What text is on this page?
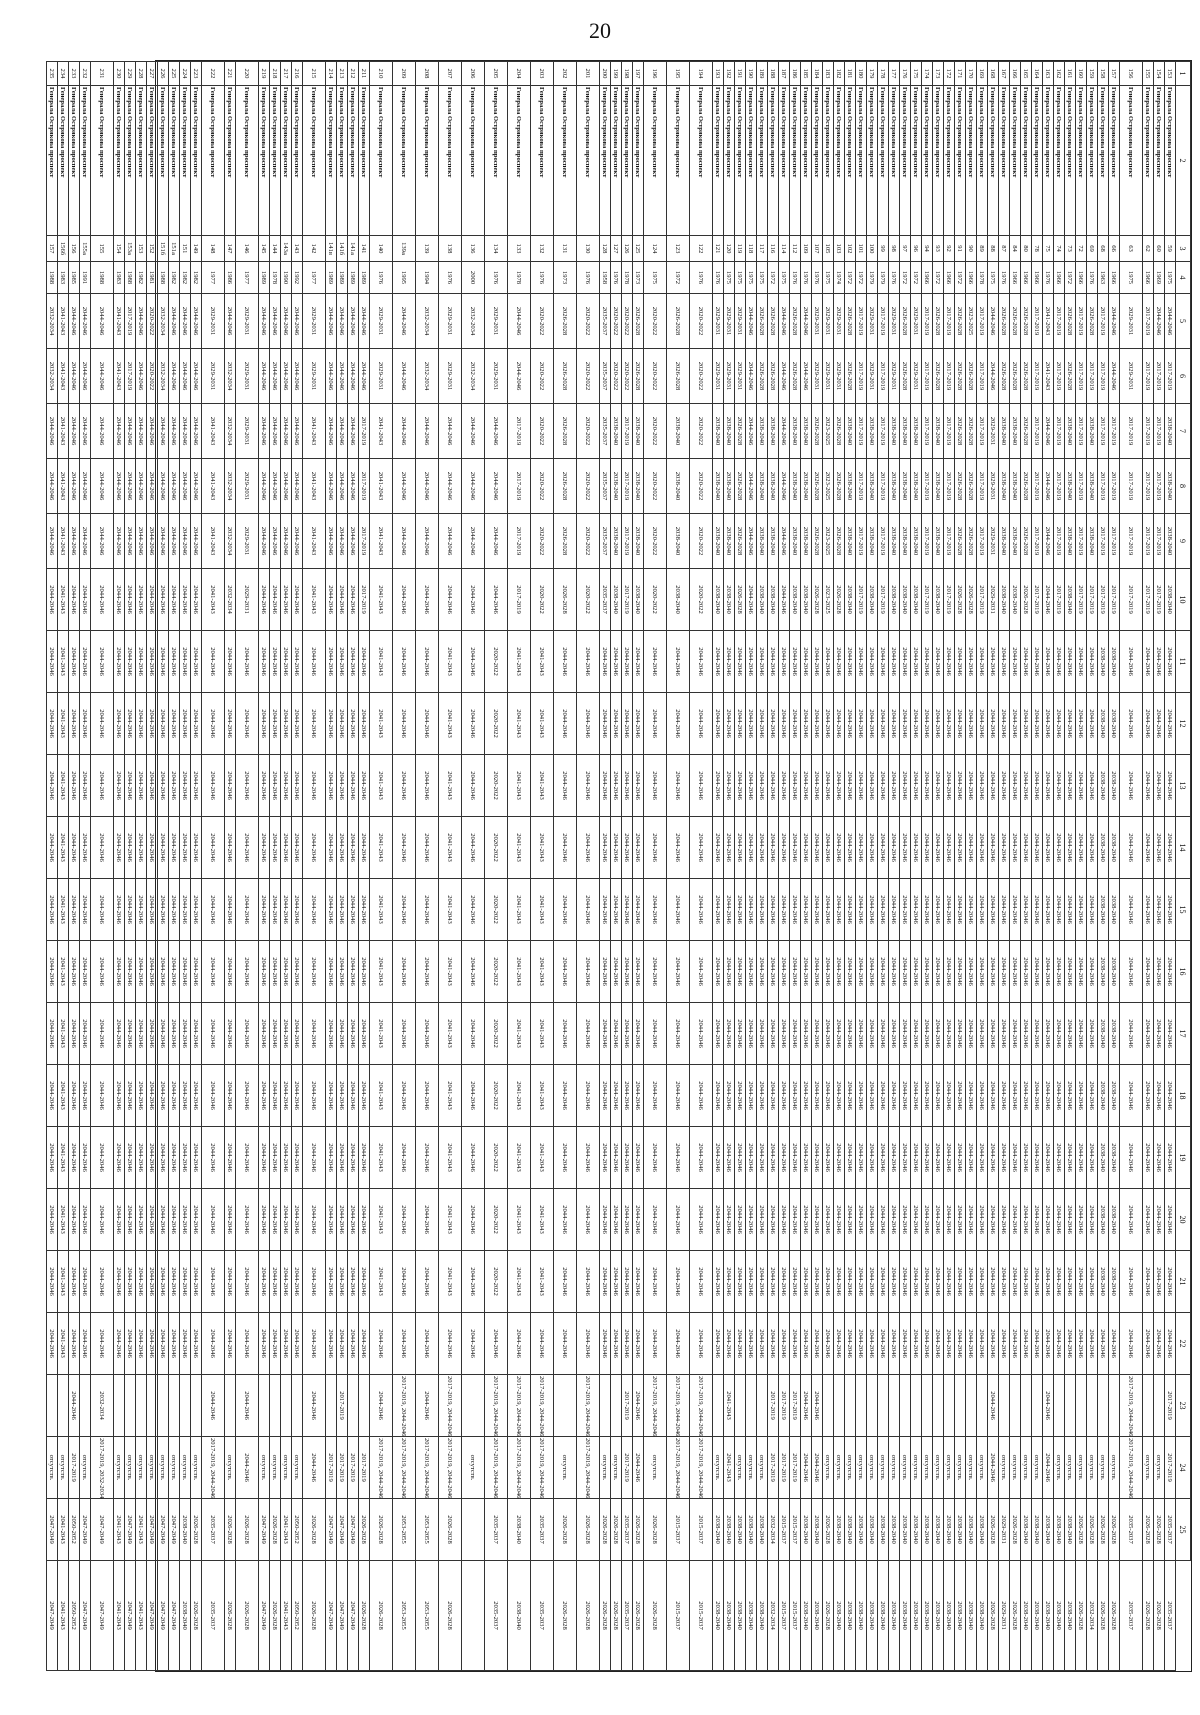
20
1	2	3	4	5	6	7	8	9	10	11	12	13	14	15	16	17	18	19	20	21	22	23	24	25	
153	Генерала Острякова проспект	59	1975	2044-2046	2017-2019	2038-2040	2038-2040	2038-2040	2038-2040	2044-2046	2044-2046	2044-2046	2044-2046	2044-2046	2044-2046	2044-2046	2044-2046	2044-2046	2044-2046	2044-2046	2044-2046	2017-2019	2017-2019	2035-2037	2035-2037
154	Генерала Острякова проспект	60	1969	2044-2046	2017-2019	2017-2019	2017-2019	2017-2019	2017-2019	2044-2046	2044-2046	2044-2046	2044-2046	2044-2046	2044-2046	2044-2046	2044-2046	2044-2046	2044-2046	2044-2046	2044-2046		отсутств.	2026-2028	2026-2028
155	Генерала Острякова проспект	62	1966	2017-2019	2017-2019	2017-2019	2017-2019	2017-2019	2017-2019	2044-2046	2044-2046	2044-2046	2044-2046	2044-2046	2044-2046	2044-2046	2044-2046	2044-2046	2044-2046	2044-2046	2044-2046		отсутств.	2026-2028	2026-2028
156	Генерала Острякова проспект	63	1975	2029-2031	2029-2031	2017-2019	2017-2019	2017-2019	2017-2019	2044-2046	2044-2046	2044-2046	2044-2046	2044-2046	2044-2046	2044-2046	2044-2046	2044-2046	2044-2046	2044-2046	2044-2046	2017-2019, 2044-2046	2017-2019, 2044-2046	2035-2037	2035-2037
157	Генерала Острякова проспект	66	1966	2044-2046	2044-2046	2017-2019	2017-2019	2017-2019	2017-2019	2038-2040	2038-2040	2038-2040	2038-2040	2038-2040	2038-2040	2038-2040	2038-2040	2038-2040	2038-2040	2038-2040	2044-2046		отсутств.	2026-2028	2026-2028
158	Генерала Острякова проспект	68	1963	2017-2019	2017-2019	2017-2019	2017-2019	2017-2019	2017-2019	2038-2040	2038-2040	2038-2040	2038-2040	2038-2040	2038-2040	2038-2040	2038-2040	2038-2040	2038-2040	2038-2040	2044-2046		отсутств.	2026-2028	2026-2028
159	Генерала Острякова проспект	69	1976	2026-2028	2017-2019	2038-2040	2038-2040	2038-2040	2017-2019	2044-2046	2044-2046	2044-2046	2044-2046	2044-2046	2044-2046	2044-2046	2044-2046	2044-2046	2044-2046	2044-2046	2044-2046		отсутств.	2026-2028	2032-2034
160	Генерала Острякова проспект	72	1966	2017-2019	2017-2019	2017-2019	2017-2019	2017-2019	2017-2019	2044-2046	2044-2046	2044-2046	2044-2046	2044-2046	2044-2046	2044-2046	2044-2046	2044-2046	2044-2046	2044-2046	2044-2046		отсутств.	2026-2028	2026-2028
161	Генерала Острякова проспект	73	1972	2026-2028	2026-2028	2038-2040	2038-2040	2038-2040	2038-2040	2044-2046	2044-2046	2044-2046	2044-2046	2044-2046	2044-2046	2044-2046	2044-2046	2044-2046	2044-2046	2044-2046	2044-2046		отсутств.	2038-2040	2038-2040
162	Генерала Острякова проспект	74	1966	2017-2019	2017-2019	2017-2019	2017-2019	2017-2019	2017-2019	2044-2046	2044-2046	2044-2046	2044-2046	2044-2046	2044-2046	2044-2046	2044-2046	2044-2046	2044-2046	2044-2046	2044-2046		отсутств.	2038-2040	2038-2040
163	Генерала Острякова проспект	75	1976	2041-2043	2041-2043	2044-2046	2044-2046	2044-2046	2044-2046	2044-2046	2044-2046	2044-2046	2044-2046	2044-2046	2044-2046	2044-2046	2044-2046	2044-2046	2044-2046	2044-2046	2044-2046	2044-2046	2044-2046	2038-2040	2038-2040
164	Генерала Острякова проспект	78	1966	2017-2019	2017-2019	2017-2019	2017-2019	2017-2019	2017-2019	2044-2046	2044-2046	2044-2046	2044-2046	2044-2046	2044-2046	2044-2046	2044-2046	2044-2046	2044-2046	2044-2046	2044-2046		отсутств.	2038-2040	2038-2040
165	Генерала Острякова проспект	80	1966	2026-2028	2026-2028	2026-2028	2026-2028	2026-2028	2026-2028	2044-2046	2044-2046	2044-2046	2044-2046	2044-2046	2044-2046	2044-2046	2044-2046	2044-2046	2044-2046	2044-2046	2044-2046		отсутств.	2038-2040	2038-2040
166	Генерала Острякова проспект	84	1966	2026-2028	2026-2028	2038-2040	2038-2040	2038-2040	2038-2040	2044-2046	2044-2046	2044-2046	2044-2046	2044-2046	2044-2046	2044-2046	2044-2046	2044-2046	2044-2046	2044-2046	2044-2046		отсутств.	2026-2028	2026-2028
167	Генерала Острякова проспект	87	1976	2026-2028	2026-2028	2038-2040	2038-2040	2038-2040	2038-2040	2044-2046	2044-2046	2044-2046	2044-2046	2044-2046	2044-2046	2044-2046	2044-2046	2044-2046	2044-2046	2044-2046	2044-2046		отсутств.	2029-2031	2029-2031
168	Генерала Острякова проспект	88	1975	2044-2046	2044-2046	2029-2031	2029-2031	2029-2031	2029-2031	2044-2046	2044-2046	2044-2046	2044-2046	2044-2046	2044-2046	2044-2046	2044-2046	2044-2046	2044-2046	2044-2046	2044-2046	2044-2046	2044-2046	2026-2028	2026-2028
169	Генерала Острякова проспект	89	1978	2017-2019	2017-2019	2017-2019	2017-2019	2017-2019	2017-2019	2044-2046	2044-2046	2044-2046	2044-2046	2044-2046	2044-2046	2044-2046	2044-2046	2044-2046	2044-2046	2044-2046	2044-2046		отсутств.	2038-2040	2038-2040
170	Генерала Острякова проспект	90	1966	2023-2025	2026-2028	2026-2028	2026-2028	2026-2028	2026-2028	2044-2046	2044-2046	2044-2046	2044-2046	2044-2046	2044-2046	2044-2046	2044-2046	2044-2046	2044-2046	2044-2046	2044-2046		отсутств.	2038-2040	2038-2040
171	Генерала Острякова проспект	91	1972	2026-2028	2026-2028	2026-2028	2026-2028	2026-2028	2026-2028	2044-2046	2044-2046	2044-2046	2044-2046	2044-2046	2044-2046	2044-2046	2044-2046	2044-2046	2044-2046	2044-2046	2044-2046		отсутств.	2038-2040	2038-2040
172	Генерала Острякова проспект	92	1966	2017-2019	2017-2019	2017-2019	2017-2019	2017-2019	2017-2019	2044-2046	2044-2046	2044-2046	2044-2046	2044-2046	2044-2046	2044-2046	2044-2046	2044-2046	2044-2046	2044-2046	2044-2046		отсутств.	2038-2040	2038-2040
173	Генерала Острякова проспект	93	1972	2026-2028	2026-2028	2038-2040	2038-2040	2038-2040	2038-2040	2044-2046	2044-2046	2044-2046	2044-2046	2044-2046	2044-2046	2044-2046	2044-2046	2044-2046	2044-2046	2044-2046	2044-2046		отсутств.	2038-2040	2038-2040
174	Генерала Острякова проспект	94	1966	2017-2019	2017-2019	2017-2019	2017-2019	2017-2019	2017-2019	2044-2046	2044-2046	2044-2046	2044-2046	2044-2046	2044-2046	2044-2046	2044-2046	2044-2046	2044-2046	2044-2046	2044-2046		отсутств.	2038-2040	2038-2040
175	Генерала Острякова проспект	96	1972	2029-2031	2029-2031	2038-2040	2038-2040	2038-2040	2038-2040	2044-2046	2044-2046	2044-2046	2044-2046	2044-2046	2044-2046	2044-2046	2044-2046	2044-2046	2044-2046	2044-2046	2044-2046		отсутств.	2038-2040	2038-2040
176	Генерала Острякова проспект	97	1972	2026-2028	2026-2028	2038-2040	2038-2040	2038-2040	2038-2040	2044-2046	2044-2046	2044-2046	2044-2046	2044-2046	2044-2046	2044-2046	2044-2046	2044-2046	2044-2046	2044-2046	2044-2046		отсутств.	2038-2040	2038-2040
177	Генерала Острякова проспект	98	1976	2029-2031	2029-2031	2038-2040	2038-2040	2038-2040	2038-2040	2044-2046	2044-2046	2044-2046	2044-2046	2044-2046	2044-2046	2044-2046	2044-2046	2044-2046	2044-2046	2044-2046	2044-2046		отсутств.	2038-2040	2038-2040
178	Генерала Острякова проспект	99	1979	2017-2019	2017-2019	2017-2019	2017-2019	2017-2019	2017-2019	2044-2046	2044-2046	2044-2046	2044-2046	2044-2046	2044-2046	2044-2046	2044-2046	2044-2046	2044-2046	2044-2046	2044-2046		отсутств.	2038-2040	2038-2040
179	Генерала Острякова проспект	100	1979	2029-2031	2029-2031	2038-2040	2038-2040	2038-2040	2038-2040	2044-2046	2044-2046	2044-2046	2044-2046	2044-2046	2044-2046	2044-2046	2044-2046	2044-2046	2044-2046	2044-2046	2044-2046		отсутств.	2038-2040	2038-2040
180	Генерала Острякова проспект	101	1972	2017-2019	2017-2019	2017-2019	2017-2019	2017-2019	2017-2019	2044-2046	2044-2046	2044-2046	2044-2046	2044-2046	2044-2046	2044-2046	2044-2046	2044-2046	2044-2046	2044-2046	2044-2046		отсутств.	2038-2040	2038-2040
181	Генерала Острякова проспект	102	1972	2026-2028	2026-2028	2038-2040	2038-2040	2038-2040	2038-2040	2044-2046	2044-2046	2044-2046	2044-2046	2044-2046	2044-2046	2044-2046	2044-2046	2044-2046	2044-2046	2044-2046	2044-2046		отсутств.	2038-2040	2038-2040
182	Генерала Острякова проспект	103	1974	2029-2031	2029-2031	2026-2028	2026-2028	2026-2028	2026-2028	2044-2046	2044-2046	2044-2046	2044-2046	2044-2046	2044-2046	2044-2046	2044-2046	2044-2046	2044-2046	2044-2046	2044-2046		отсутств.	2038-2040	2038-2040
183	Генерала Острякова проспект	105	1975	2029-2031	2029-2031	2023-2025	2023-2025	2023-2025	2023-2025	2044-2046	2044-2046	2044-2046	2044-2046	2044-2046	2044-2046	2044-2046	2044-2046	2044-2046	2044-2046	2044-2046	2044-2046		отсутств.	2026-2028	2026-2028
184	Генерала Острякова проспект	107	1976	2029-2031	2029-2031	2026-2028	2026-2028	2026-2028	2026-2028	2044-2046	2044-2046	2044-2046	2044-2046	2044-2046	2044-2046	2044-2046	2044-2046	2044-2046	2044-2046	2044-2046	2044-2046	2044-2046	2044-2046	2038-2040	2038-2040
185	Генерала Острякова проспект	109	1976	2044-2046	2044-2046	2038-2040	2038-2040	2038-2040	2038-2040	2044-2046	2044-2046	2044-2046	2044-2046	2044-2046	2044-2046	2044-2046	2044-2046	2044-2046	2044-2046	2044-2046	2044-2046	2044-2046	2044-2046	2038-2040	2038-2040
186	Генерала Острякова проспект	112	1976	2026-2028	2026-2028	2038-2040	2038-2040	2038-2040	2038-2040	2044-2046	2044-2046	2044-2046	2044-2046	2044-2046	2044-2046	2044-2046	2044-2046	2044-2046	2044-2046	2044-2046	2044-2046	2017-2019	2017-2019	2015-2037	2015-2037
187	Генерала Острякова проспект	114	1975	2044-2046	2044-2046	2044-2046	2044-2046	2044-2046	2044-2046	2044-2046	2044-2046	2044-2046	2044-2046	2044-2046	2044-2046	2044-2046	2044-2046	2044-2046	2044-2046	2044-2046	2044-2046	2017-2019	2017-2019	2015-2037	2015-2037
188	Генерала Острякова проспект	116	1972	2026-2028	2026-2028	2038-2040	2038-2040	2038-2040	2038-2040	2044-2046	2044-2046	2044-2046	2044-2046	2044-2046	2044-2046	2044-2046	2044-2046	2044-2046	2044-2046	2044-2046	2044-2046	2017-2019	2017-2019	2032-2034	2032-2034
189	Генерала Острякова проспект	117	1975	2026-2028	2026-2028	2038-2040	2038-2040	2038-2040	2038-2040	2044-2046	2044-2046	2044-2046	2044-2046	2044-2046	2044-2046	2044-2046	2044-2046	2044-2046	2044-2046	2044-2046	2044-2046		отсутств.	2038-2040	2038-2040
190	Генерала Острякова проспект	118	1975	2044-2046	2044-2046	2044-2046	2044-2046	2044-2046	2044-2046	2044-2046	2044-2046	2044-2046	2044-2046	2044-2046	2044-2046	2044-2046	2044-2046	2044-2046	2044-2046	2044-2046	2044-2046		отсутств.	2038-2040	2038-2040
191	Генерала Острякова проспект	119	1975	2029-2031	2029-2031	2026-2028	2026-2028	2026-2028	2026-2028	2044-2046	2044-2046	2044-2046	2044-2046	2044-2046	2044-2046	2044-2046	2044-2046	2044-2046	2044-2046	2044-2046	2044-2046		отсутств.	2038-2040	2038-2040
192	Генерала Острякова проспект	120	1975	2029-2031	2029-2031	2038-2040	2038-2040	2038-2040	2038-2040	2044-2046	2044-2046	2044-2046	2044-2046	2044-2046	2044-2046	2044-2046	2044-2046	2044-2046	2044-2046	2044-2046	2044-2046	2041-2043	2041-2043	2038-2040	2038-2040
193	Генерала Острякова проспект	121	1976	2029-2031	2029-2031	2038-2040	2038-2040	2038-2040	2038-2040	2044-2046	2044-2046	2044-2046	2044-2046	2044-2046	2044-2046	2044-2046	2044-2046	2044-2046	2044-2046	2044-2046	2044-2046		отсутств.	2038-2040	2038-2040
194	Генерала Острякова проспект	122	1976	2020-2022	2020-2022	2020-2022	2020-2022	2020-2022	2020-2022	2044-2046	2044-2046	2044-2046	2044-2046	2044-2046	2044-2046	2044-2046	2044-2046	2044-2046	2044-2046	2044-2046	2044-2046	2017-2019, 2044-2046	2017-2019, 2044-2046	2015-2037	2015-2037
195	Генерала Острякова проспект	123	1972	2026-2028	2026-2028	2038-2040	2038-2040	2038-2040	2038-2040	2044-2046	2044-2046	2044-2046	2044-2046	2044-2046	2044-2046	2044-2046	2044-2046	2044-2046	2044-2046	2044-2046	2044-2046	2017-2019, 2044-2046	2017-2019, 2044-2046	2015-2037	2015-2037
196	Генерала Острякова проспект	124	1975	2020-2022	2020-2022	2020-2022	2020-2022	2020-2022	2020-2022	2044-2046	2044-2046	2044-2046	2044-2046	2044-2046	2044-2046	2044-2046	2044-2046	2044-2046	2044-2046	2044-2046	2044-2046	2017-2019, 2044-2046	отсутств.	2026-2028	2026-2028
197	Генерала Острякова проспект	125	1973	2026-2028	2026-2028	2038-2040	2038-2040	2038-2040	2038-2040	2044-2046	2044-2046	2044-2046	2044-2046	2044-2046	2044-2046	2044-2046	2044-2046	2044-2046	2044-2046	2044-2046	2044-2046	2044-2046	2044-2046	2026-2028	2026-2028
198	Генерала Острякова проспект	126	1978	2020-2022	2020-2022	2017-2019	2017-2019	2017-2019	2017-2019	2044-2046	2044-2046	2044-2046	2044-2046	2044-2046	2044-2046	2044-2046	2044-2046	2044-2046	2044-2046	2044-2046	2044-2046	2017-2019	2017-2019	2035-2037	2035-2037
199	Генерала Острякова проспект	127	1976	2020-2022	2020-2022	2038-2040	2038-2040	2038-2040	2038-2040	2044-2046	2044-2046	2044-2046	2044-2046	2044-2046	2044-2046	2044-2046	2044-2046	2044-2046	2044-2046	2044-2046	2044-2046		отсутств.	2026-2028	2026-2028
200	Генерала Острякова проспект	128	1958	2035-2037	2035-2037	2035-2037	2035-2037	2035-2037	2035-2037	2044-2046	2044-2046	2044-2046	2044-2046	2044-2046	2044-2046	2044-2046	2044-2046	2044-2046	2044-2046	2044-2046	2044-2046		отсутств.	2026-2028	2026-2028
201	Генерала Острякова проспект	130	1976	2020-2022	2020-2022	2020-2022	2020-2022	2020-2022	2020-2022	2044-2046	2044-2046	2044-2046	2044-2046	2044-2046	2044-2046	2044-2046	2044-2046	2044-2046	2044-2046	2044-2046	2044-2046	2017-2019, 2044-2046	2017-2019, 2044-2046	2026-2028	2026-2028
202	Генерала Острякова проспект	131	1973	2026-2028	2026-2028	2026-2028	2026-2028	2026-2028	2026-2028	2044-2046	2044-2046	2044-2046	2044-2046	2044-2046	2044-2046	2044-2046	2044-2046	2044-2046	2044-2046	2044-2046	2044-2046		отсутств.	2026-2028	2026-2028
203	Генерала Острякова проспект	132	1976	2020-2022	2020-2022	2020-2022	2020-2022	2020-2022	2020-2022	2041-2043	2041-2043	2041-2043	2041-2043	2041-2043	2041-2043	2041-2043	2041-2043	2041-2043	2041-2043	2041-2043	2044-2046	2017-2019, 2044-2046	2017-2019, 2044-2046	2035-2037	2035-2037
204	Генерала Острякова проспект	133	1978	2044-2046	2044-2046	2017-2019	2017-2019	2017-2019	2017-2019	2041-2043	2041-2043	2041-2043	2041-2043	2041-2043	2041-2043	2041-2043	2041-2043	2041-2043	2041-2043	2041-2043	2044-2046	2017-2019, 2044-2046	2017-2019, 2044-2046	2038-2040	2038-2040
205	Генерала Острякова проспект	134	1976	2029-2031	2029-2031	2044-2046	2044-2046	2044-2046	2044-2046	2020-2022	2020-2022	2020-2022	2020-2022	2020-2022	2020-2022	2020-2022	2020-2022	2020-2022	2020-2022	2020-2022	2044-2046	2017-2019, 2044-2046	2017-2019, 2044-2046	2035-2037	2035-2037
206	Генерала Острякова проспект	136	2000	2032-2034	2032-2034	2044-2046	2044-2046	2044-2046	2044-2046	2044-2046	2044-2046	2044-2046	2044-2046	2044-2046	2044-2046	2044-2046	2044-2046	2044-2046	2044-2046	2044-2046	2044-2046		отсутств.		
207	Генерала Острякова проспект	138	1976	2029-2031	2029-2031	2044-2046	2044-2046	2044-2046	2044-2046	2041-2043	2041-2043	2041-2043	2041-2043	2041-2043	2041-2043	2041-2043	2041-2043	2041-2043	2041-2043	2041-2043	2044-2046	2017-2019, 2044-2046	2017-2019, 2044-2046	2026-2028	2026-2028
208	Генерала Острякова проспект	139	1994	2032-2034	2032-2034	2044-2046	2044-2046	2044-2046	2044-2046	2044-2046	2044-2046	2044-2046	2044-2046	2044-2046	2044-2046	2044-2046	2044-2046	2044-2046	2044-2046	2044-2046	2044-2046	2044-2046	2017-2019, 2044-2046	2053-2055	2053-2055
209	Генерала Острякова проспект	139а	1995	2044-2046	2044-2046	2044-2046	2044-2046	2044-2046	2044-2046	2044-2046	2044-2046	2044-2046	2044-2046	2044-2046	2044-2046	2044-2046	2044-2046	2044-2046	2044-2046	2044-2046	2044-2046	2017-2019, 2044-2046	2017-2019, 2044-2046	2053-2055	2053-2055
210	Генерала Острякова проспект	140	1976	2029-2031	2029-2031	2041-2043	2041-2043	2041-2043	2041-2043	2041-2043	2041-2043	2041-2043	2041-2043	2041-2043	2041-2043	2041-2043	2041-2043	2041-2043	2041-2043	2041-2043	2044-2046	2044-2046	2017-2019, 2044-2046	2026-2028	2026-2028
211	Генерала Острякова проспект	141	1989	2044-2046	2044-2046	2017-2019	2017-2019	2017-2019	2017-2019	2044-2046	2044-2046	2044-2046	2044-2046	2044-2046	2044-2046	2044-2046	2044-2046	2044-2046	2044-2046	2044-2046	2044-2046		2017-2019	2026-2028	2026-2028
212	Генерала Острякова проспект	141а	1989	2044-2046	2044-2046	2044-2046	2044-2046	2044-2046	2044-2046	2044-2046	2044-2046	2044-2046	2044-2046	2044-2046	2044-2046	2044-2046	2044-2046	2044-2046	2044-2046	2044-2046	2044-2046		2017-2019	2047-2049	2047-2049
213	Генерала Острякова проспект	141б	1989	2044-2046	2044-2046	2044-2046	2044-2046	2044-2046	2044-2046	2044-2046	2044-2046	2044-2046	2044-2046	2044-2046	2044-2046	2044-2046	2044-2046	2044-2046	2044-2046	2044-2046	2044-2046	2017-2019	2017-2019	2047-2049	2047-2049
214	Генерала Острякова проспект	141в	1989	2044-2046	2044-2046	2044-2046	2044-2046	2044-2046	2044-2046	2044-2046	2044-2046	2044-2046	2044-2046	2044-2046	2044-2046	2044-2046	2044-2046	2044-2046	2044-2046	2044-2046	2044-2046		2017-2019	2047-2049	2047-2049
215	Генерала Острякова проспект	142	1977	2029-2031	2029-2031	2041-2043	2041-2043	2041-2043	2041-2043	2044-2046	2044-2046	2044-2046	2044-2046	2044-2046	2044-2046	2044-2046	2044-2046	2044-2046	2044-2046	2044-2046	2044-2046	2044-2046	2044-2046	2026-2028	2026-2028
216	Генерала Острякова проспект	143	1992	2044-2046	2044-2046	2044-2046	2044-2046	2044-2046	2044-2046	2044-2046	2044-2046	2044-2046	2044-2046	2044-2046	2044-2046	2044-2046	2044-2046	2044-2046	2044-2046	2044-2046	2044-2046		отсутств.	2050-2052	2050-2052
217	Генерала Острякова проспект	143а	1990	2044-2046	2044-2046	2044-2046	2044-2046	2044-2046	2044-2046	2044-2046	2044-2046	2044-2046	2044-2046	2044-2046	2044-2046	2044-2046	2044-2046	2044-2046	2044-2046	2044-2046	2044-2046		отсутств.	2041-2043	2041-2043
218	Генерала Острякова проспект	144	1978	2044-2046	2044-2046	2044-2046	2044-2046	2044-2046	2044-2046	2044-2046	2044-2046	2044-2046	2044-2046	2044-2046	2044-2046	2044-2046	2044-2046	2044-2046	2044-2046	2044-2046	2044-2046		отсутств.	2026-2028	2026-2028
219	Генерала Острякова проспект	145	1989	2044-2046	2044-2046	2044-2046	2044-2046	2044-2046	2044-2046	2044-2046	2044-2046	2044-2046	2044-2046	2044-2046	2044-2046	2044-2046	2044-2046	2044-2046	2044-2046	2044-2046	2044-2046		отсутств.	2047-2049	2047-2049
220	Генерала Острякова проспект	146	1977	2029-2031	2029-2031	2029-2031	2029-2031	2029-2031	2029-2031	2044-2046	2044-2046	2044-2046	2044-2046	2044-2046	2044-2046	2044-2046	2044-2046	2044-2046	2044-2046	2044-2046	2044-2046	2044-2046	2044-2046	2026-2028	2026-2028
221	Генерала Острякова проспект	147	1986	2044-2046	2032-2034	2032-2034	2032-2034	2032-2034	2032-2034	2044-2046	2044-2046	2044-2046	2044-2046	2044-2046	2044-2046	2044-2046	2044-2046	2044-2046	2044-2046	2044-2046	2044-2046		отсутств.	2026-2028	2026-2028
222	Генерала Острякова проспект	148	1977	2029-2031	2029-2031	2041-2043	2041-2043	2041-2043	2041-2043	2044-2046	2044-2046	2044-2046	2044-2046	2044-2046	2044-2046	2044-2046	2044-2046	2044-2046	2044-2046	2044-2046	2044-2046	2044-2046	2017-2019, 2044-2046	2035-2037	2035-2037
223	Генерала Острякова проспект	149	1982	2044-2046	2044-2046	2044-2046	2044-2046	2044-2046	2044-2046	2044-2046	2044-2046	2044-2046	2044-2046	2044-2046	2044-2046	2044-2046	2044-2046	2044-2046	2044-2046	2044-2046	2044-2046		отсутств.	2026-2028	2026-2028
224	Генерала Острякова проспект	151	1982	2044-2046	2044-2046	2044-2046	2044-2046	2044-2046	2044-2046	2044-2046	2044-2046	2044-2046	2044-2046	2044-2046	2044-2046	2044-2046	2044-2046	2044-2046	2044-2046	2044-2046	2044-2046		отсутств.	2038-2040	2038-2040
225	Генерала Острякова проспект	151а	1982	2044-2046	2044-2046	2044-2046	2044-2046	2044-2046	2044-2046	2044-2046	2044-2046	2044-2046	2044-2046	2044-2046	2044-2046	2044-2046	2044-2046	2044-2046	2044-2046	2044-2046	2044-2046		отсутств.	2047-2049	2047-2049
226	Генерала Острякова проспект	151б	1988	2032-2034	2032-2034	2044-2046	2044-2046	2044-2046	2044-2046	2044-2046	2044-2046	2044-2046	2044-2046	2044-2046	2044-2046	2044-2046	2044-2046	2044-2046	2044-2046	2044-2046	2044-2046		отсутств.	2047-2049	2047-2049
227	Генерала Острякова проспект	152	1981	2020-2022	2020-2022	2044-2046	2044-2046	2044-2046	2044-2046	2044-2046	2044-2046	2044-2046	2044-2046	2044-2046	2044-2046	2044-2046	2044-2046	2044-2046	2044-2046	2044-2046	2044-2046		отсутств.	2047-2049	2047-2049
228	Генерала Острякова проспект	153	1982	2044-2046	2044-2046	2044-2046	2044-2046	2044-2046	2044-2046	2044-2046	2044-2046	2044-2046	2044-2046	2044-2046	2044-2046	2044-2046	2044-2046	2044-2046	2044-2046	2044-2046	2044-2046		отсутств.	2041-2043	2041-2043
229	Генерала Острякова проспект	153а	1988	2017-2019	2017-2019	2044-2046	2044-2046	2044-2046	2044-2046	2044-2046	2044-2046	2044-2046	2044-2046	2044-2046	2044-2046	2044-2046	2044-2046	2044-2046	2044-2046	2044-2046	2044-2046		отсутств.	2047-2049	2047-2049
230	Генерала Острякова проспект	154	1983	2041-2043	2041-2043	2044-2046	2044-2046	2044-2046	2044-2046	2044-2046	2044-2046	2044-2046	2044-2046	2044-2046	2044-2046	2044-2046	2044-2046	2044-2046	2044-2046	2044-2046	2044-2046		отсутств.	2041-2043	2041-2043
231	Генерала Острякова проспект	155	1988	2044-2046	2044-2046	2044-2046	2044-2046	2044-2046	2044-2046	2044-2046	2044-2046	2044-2046	2044-2046	2044-2046	2044-2046	2044-2046	2044-2046	2044-2046	2044-2046	2044-2046	2044-2046	2032-2034	2017-2019, 2032-2034	2047-2049	2047-2049
232	Генерала Острякова проспект	155а	1991	2044-2046	2044-2046	2044-2046	2044-2046	2044-2046	2044-2046	2044-2046	2044-2046	2044-2046	2044-2046	2044-2046	2044-2046	2044-2046	2044-2046	2044-2046	2044-2046	2044-2046	2044-2046		отсутств.	2047-2049	2047-2049
233	Генерала Острякова проспект	156	1985	2044-2046	2044-2046	2044-2046	2044-2046	2044-2046	2044-2046	2044-2046	2044-2046	2044-2046	2044-2046	2044-2046	2044-2046	2044-2046	2044-2046	2044-2046	2044-2046	2044-2046	2044-2046	2044-2046	2017-2019	2050-2052	2050-2052
234	Генерала Острякова проспект	156б	1983	2041-2043	2041-2043	2041-2043	2041-2043	2041-2043	2041-2043	2041-2043	2041-2043	2041-2043	2041-2043	2041-2043	2041-2043	2041-2043	2041-2043	2041-2043	2041-2043	2041-2043	2041-2043		отсутств.	2041-2043	2041-2043
235	Генерала Острякова проспект	157	1988	2032-2034	2032-2034	2044-2046	2044-2046	2044-2046	2044-2046	2044-2046	2044-2046	2044-2046	2044-2046	2044-2046	2044-2046	2044-2046	2044-2046	2044-2046	2044-2046	2044-2046	2044-2046		отсутств.	2047-2049	2047-2049
